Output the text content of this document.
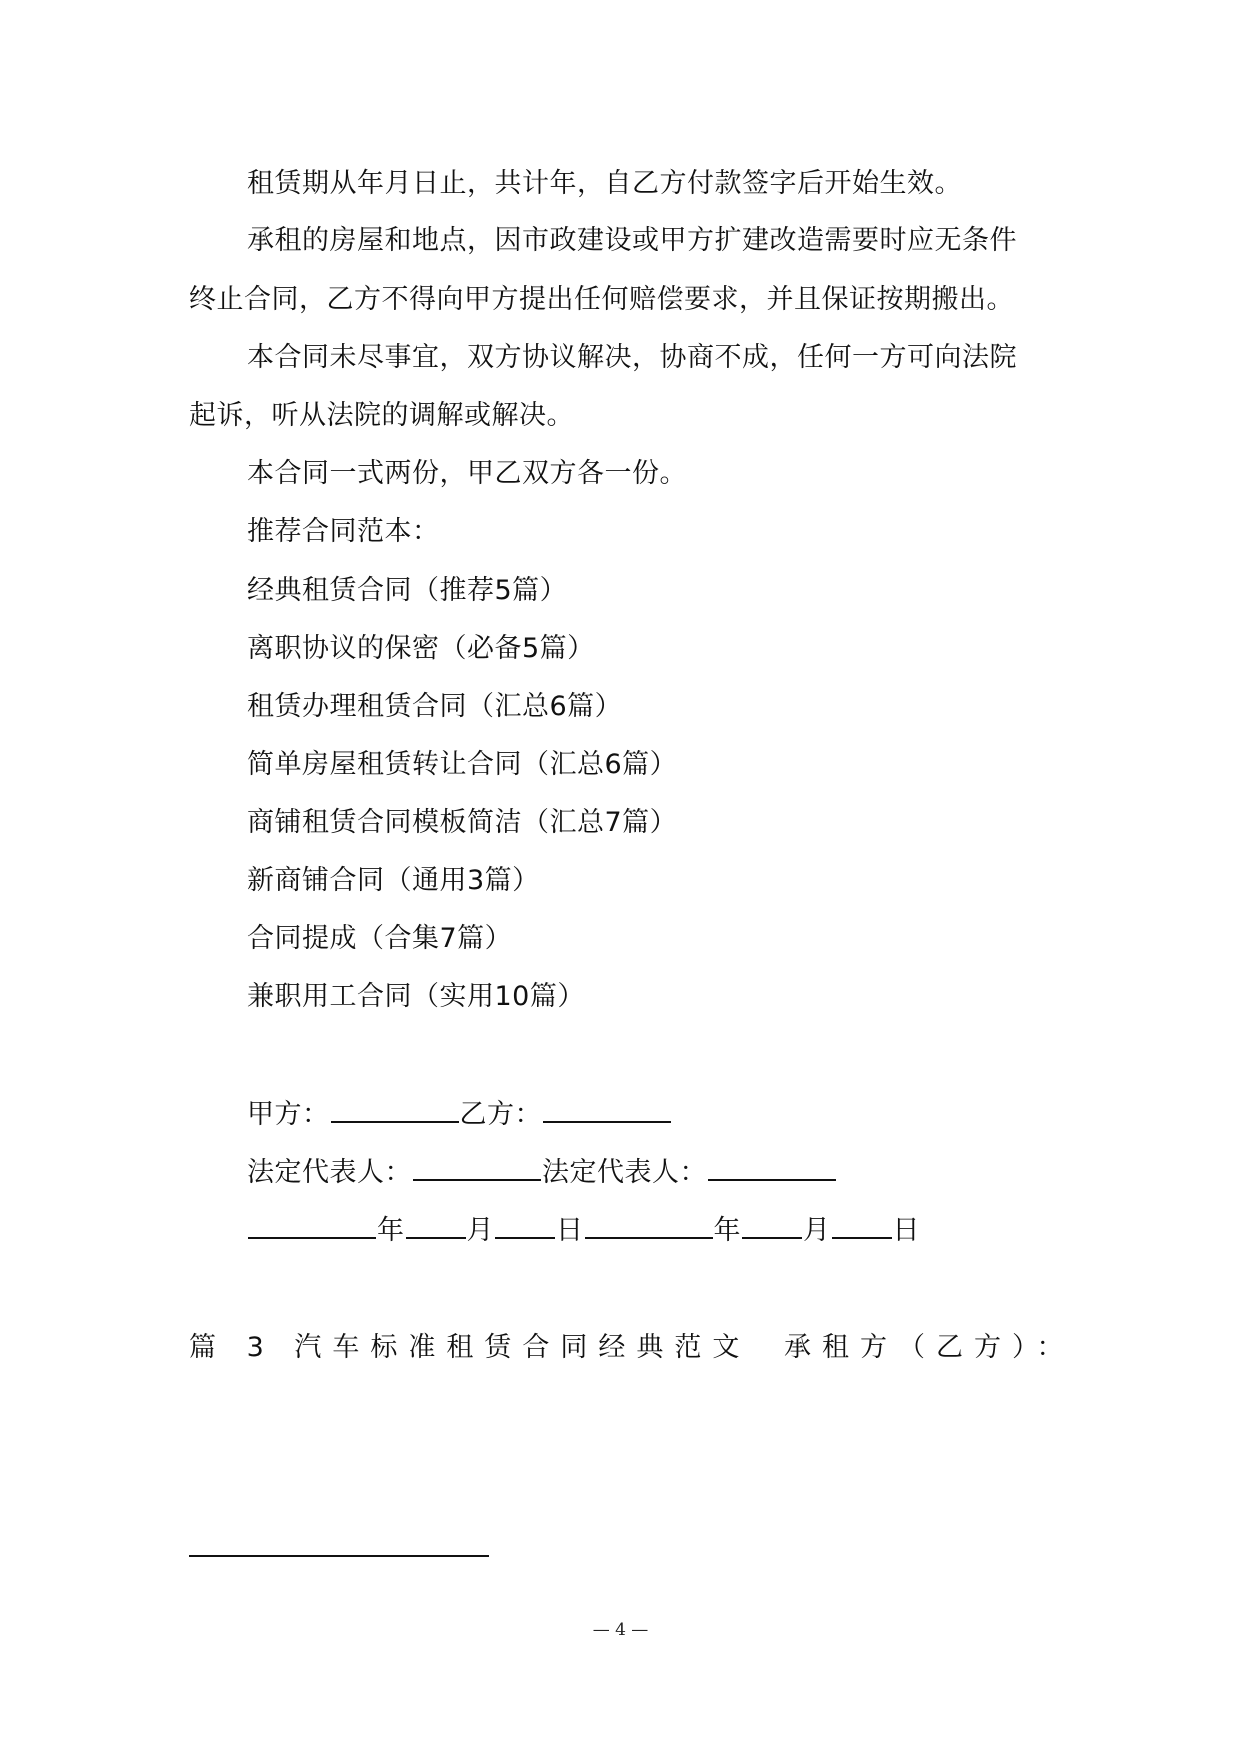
租赁期从年月日止，共计年，自乙方付款签字后开始生效。
承租的房屋和地点，因市政建设或甲方扩建改造需要时应无条件
终止合同，乙方不得向甲方提出任何赔偿要求，并且保证按期搬出。
本合同未尽事宜，双方协议解决，协商不成，任何一方可向法院
起诉，听从法院的调解或解决。
本合同一式两份，甲乙双方各一份。
推荐合同范本：
经典租赁合同（推荐5篇）
离职协议的保密（必备5篇）
租赁办理租赁合同（汇总6篇）
简单房屋租赁转让合同（汇总6篇）
商铺租赁合同模板简洁（汇总7篇）
新商铺合同（通用3篇）
合同提成（合集7篇）
兼职用工合同（实用10篇）
甲方：	乙方：
法定代表人：	法定代表人：
年 月 日	年 月 日
篇 3 汽车标准租赁合同经典范文 承租方（乙方）：
— 4 —
